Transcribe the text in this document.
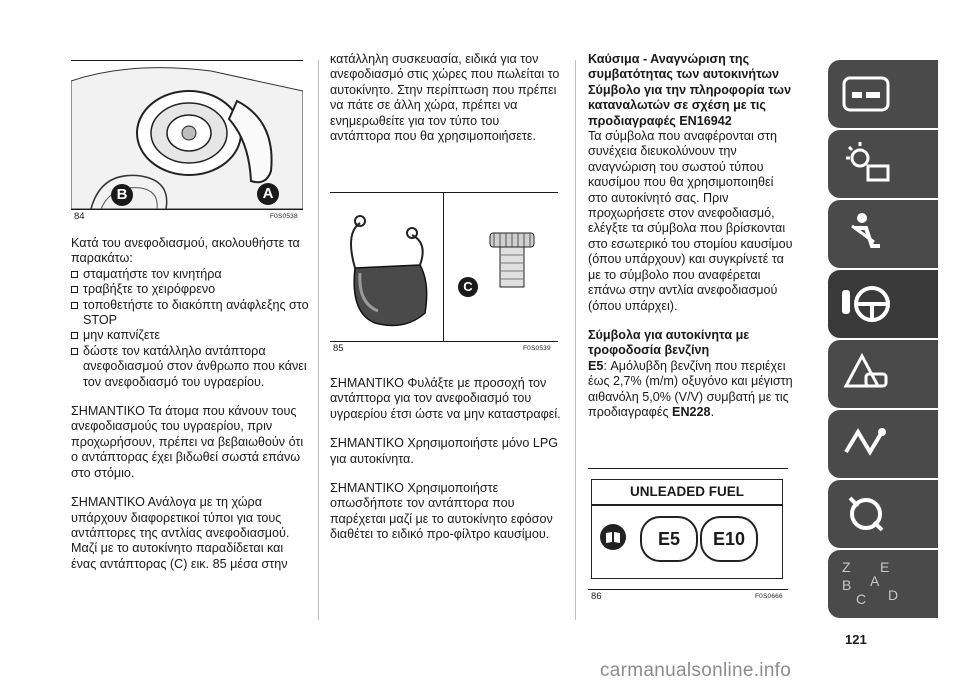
B	A
84	F0S0538
Κατά του ανεφοδιασμού, ακολουθήστε τα παρακάτω:
σταματήστε τον κινητήρα
τραβήξτε το χειρόφρενο
τοποθετήστε το διακόπτη ανάφλεξης στο STOP
μην καπνίζετε
δώστε τον κατάλληλο αντάπτορα ανεφοδιασμού στον άνθρωπο που κάνει τον ανεφοδιασμό του υγραερίου.

ΣΗΜΑΝΤΙΚΟ Τα άτομα που κάνουν τους ανεφοδιασμούς του υγραερίου, πριν προχωρήσουν, πρέπει να βεβαιωθούν ότι ο αντάπτορας έχει βιδωθεί σωστά επάνω στο στόμιο.

ΣΗΜΑΝΤΙΚΟ Ανάλογα με τη χώρα υπάρχουν διαφορετικοί τύποι για τους αντάπτορες της αντλίας ανεφοδιασμού. Μαζί με το αυτοκίνητο παραδίδεται και ένας αντάπτορας (C) εικ. 85 μέσα στην

κατάλληλη συσκευασία, ειδικά για τον ανεφοδιασμό στις χώρες που πωλείται το αυτοκίνητο. Στην περίπτωση που πρέπει να πάτε σε άλλη χώρα, πρέπει να ενημερωθείτε για τον τύπο του αντάπτορα που θα χρησιμοποιήσετε.

C
85	F0S0539

ΣΗΜΑΝΤΙΚΟ Φυλάξτε με προσοχή τον αντάπτορα για τον ανεφοδιασμό του υγραερίου έτσι ώστε να μην καταστραφεί.

ΣΗΜΑΝΤΙΚΟ Χρησιμοποιήστε μόνο LPG για αυτοκίνητα.

ΣΗΜΑΝΤΙΚΟ Χρησιμοποιήστε οπωσδήποτε τον αντάπτορα που παρέχεται μαζί με το αυτοκίνητο εφόσον διαθέτει το ειδικό προ-φίλτρο καυσίμου.

Καύσιμα - Αναγνώριση της συμβατότητας των αυτοκινήτων Σύμβολο για την πληροφορία των καταναλωτών σε σχέση με τις προδιαγραφές EN16942

Τα σύμβολα που αναφέρονται στη συνέχεια διευκολύνουν την αναγνώριση του σωστού τύπου καυσίμου που θα χρησιμοποιηθεί στο αυτοκίνητό σας. Πριν προχωρήσετε στον ανεφοδιασμό, ελέγξτε τα σύμβολα που βρίσκονται στο εσωτερικό του στομίου καυσίμου (όπου υπάρχουν) και συγκρίνετέ τα με το σύμβολο που αναφέρεται επάνω στην αντλία ανεφοδιασμού (όπου υπάρχει).

Σύμβολα για αυτοκίνητα με τροφοδοσία βενζίνη
E5: Αμόλυβδη βενζίνη που περιέχει έως 2,7% (m/m) οξυγόνο και μέγιστη αιθανόλη 5,0% (V/V) συμβατή με τις προδιαγραφές EN228.
UNLEADED FUEL
E5	E10
86	F0S0666
Z E
A
B
C D
121
carmanualsonline.info
